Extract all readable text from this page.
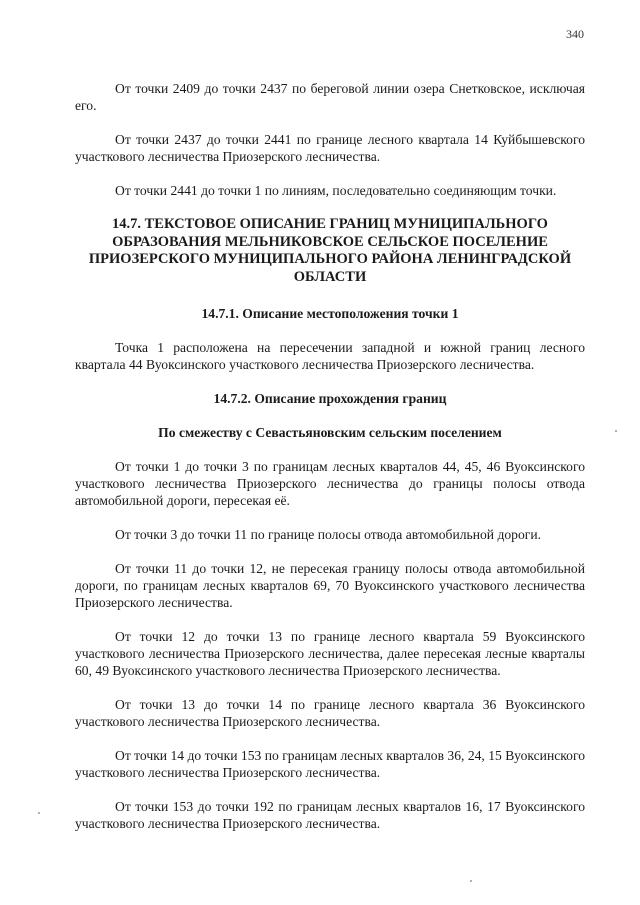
340

От точки 2409 до точки 2437 по береговой линии озера Снетковское, исключая его.

От точки 2437 до точки 2441 по границе лесного квартала 14 Куйбышевского участкового лесничества Приозерского лесничества.

От точки 2441 до точки 1 по линиям, последовательно соединяющим точки.

14.7. ТЕКСТОВОЕ ОПИСАНИЕ ГРАНИЦ МУНИЦИПАЛЬНОГО ОБРАЗОВАНИЯ МЕЛЬНИКОВСКОЕ СЕЛЬСКОЕ ПОСЕЛЕНИЕ ПРИОЗЕРСКОГО МУНИЦИПАЛЬНОГО РАЙОНА ЛЕНИНГРАДСКОЙ ОБЛАСТИ
14.7.1. Описание местоположения точки 1

Точка 1 расположена на пересечении западной и южной границ лесного квартала 44 Вуоксинского участкового лесничества Приозерского лесничества.

14.7.2. Описание прохождения границ
По смежеству с Севастьяновским сельским поселением

От точки 1 до точки 3 по границам лесных кварталов 44, 45, 46 Вуоксинского участкового лесничества Приозерского лесничества до границы полосы отвода автомобильной дороги, пересекая её.

От точки 3 до точки 11 по границе полосы отвода автомобильной дороги.

От точки 11 до точки 12, не пересекая границу полосы отвода автомобильной дороги, по границам лесных кварталов 69, 70 Вуоксинского участкового лесничества Приозерского лесничества.

От точки 12 до точки 13 по границе лесного квартала 59 Вуоксинского участкового лесничества Приозерского лесничества, далее пересекая лесные кварталы 60, 49 Вуоксинского участкового лесничества Приозерского лесничества.

От точки 13 до точки 14 по границе лесного квартала 36 Вуоксинского участкового лесничества Приозерского лесничества.

От точки 14 до точки 153 по границам лесных кварталов 36, 24, 15 Вуоксинского участкового лесничества Приозерского лесничества.

От точки 153 до точки 192 по границам лесных кварталов 16, 17 Вуоксинского участкового лесничества Приозерского лесничества.
